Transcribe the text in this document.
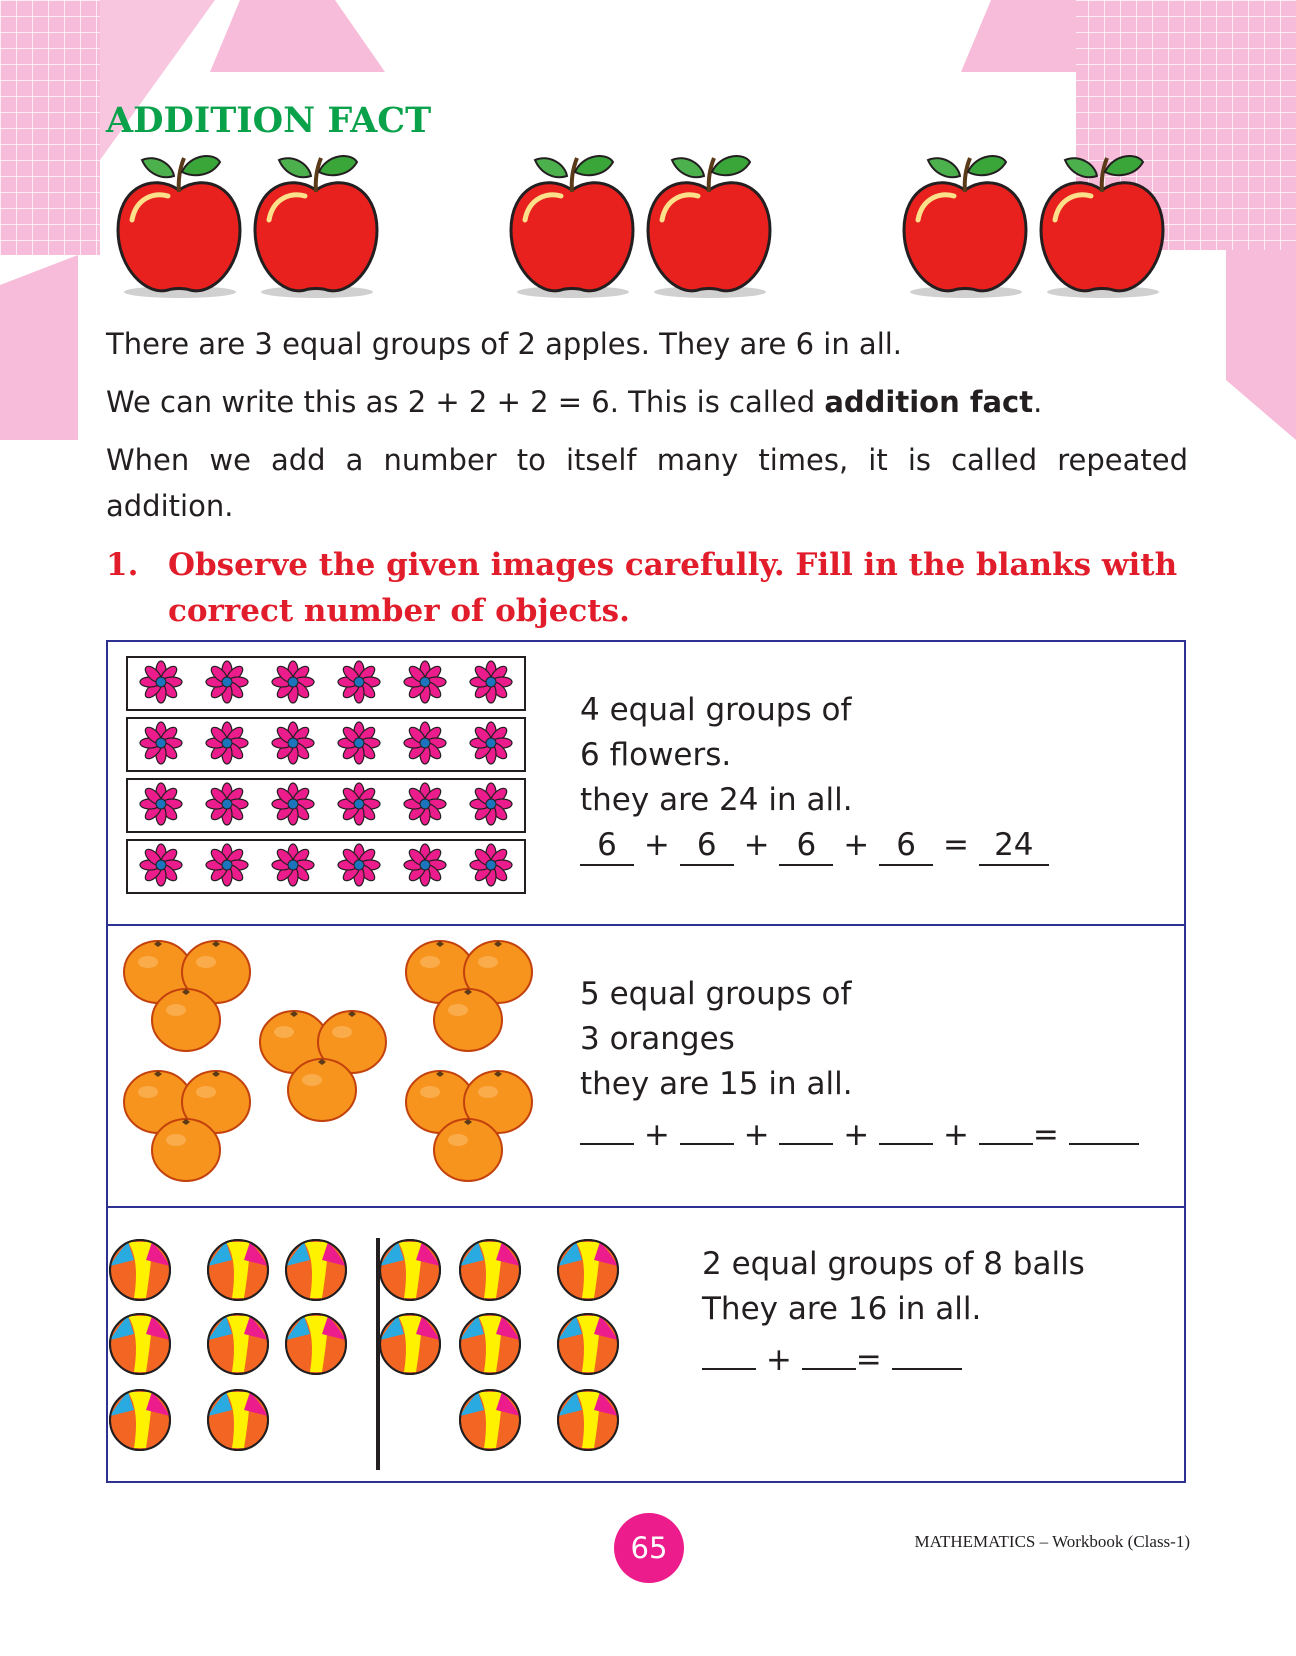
ADDITION FACT

There are 3 equal groups of 2 apples. They are 6 in all.

We can write this as 2 + 2 + 2 = 6. This is called addition fact.

When we add a number to itself many times, it is called repeated addition.

1. Observe the given images carefully. Fill in the blanks with correct number of objects.
4 equal groups of
6 flowers.
they are 24 in all.
6 + 6 + 6 + 6 = 24
5 equal groups of
3 oranges
they are 15 in all.
+ + + + =
2 equal groups of 8 balls
They are 16 in all.
+ =
65	MATHEMATICS – Workbook (Class-1)
